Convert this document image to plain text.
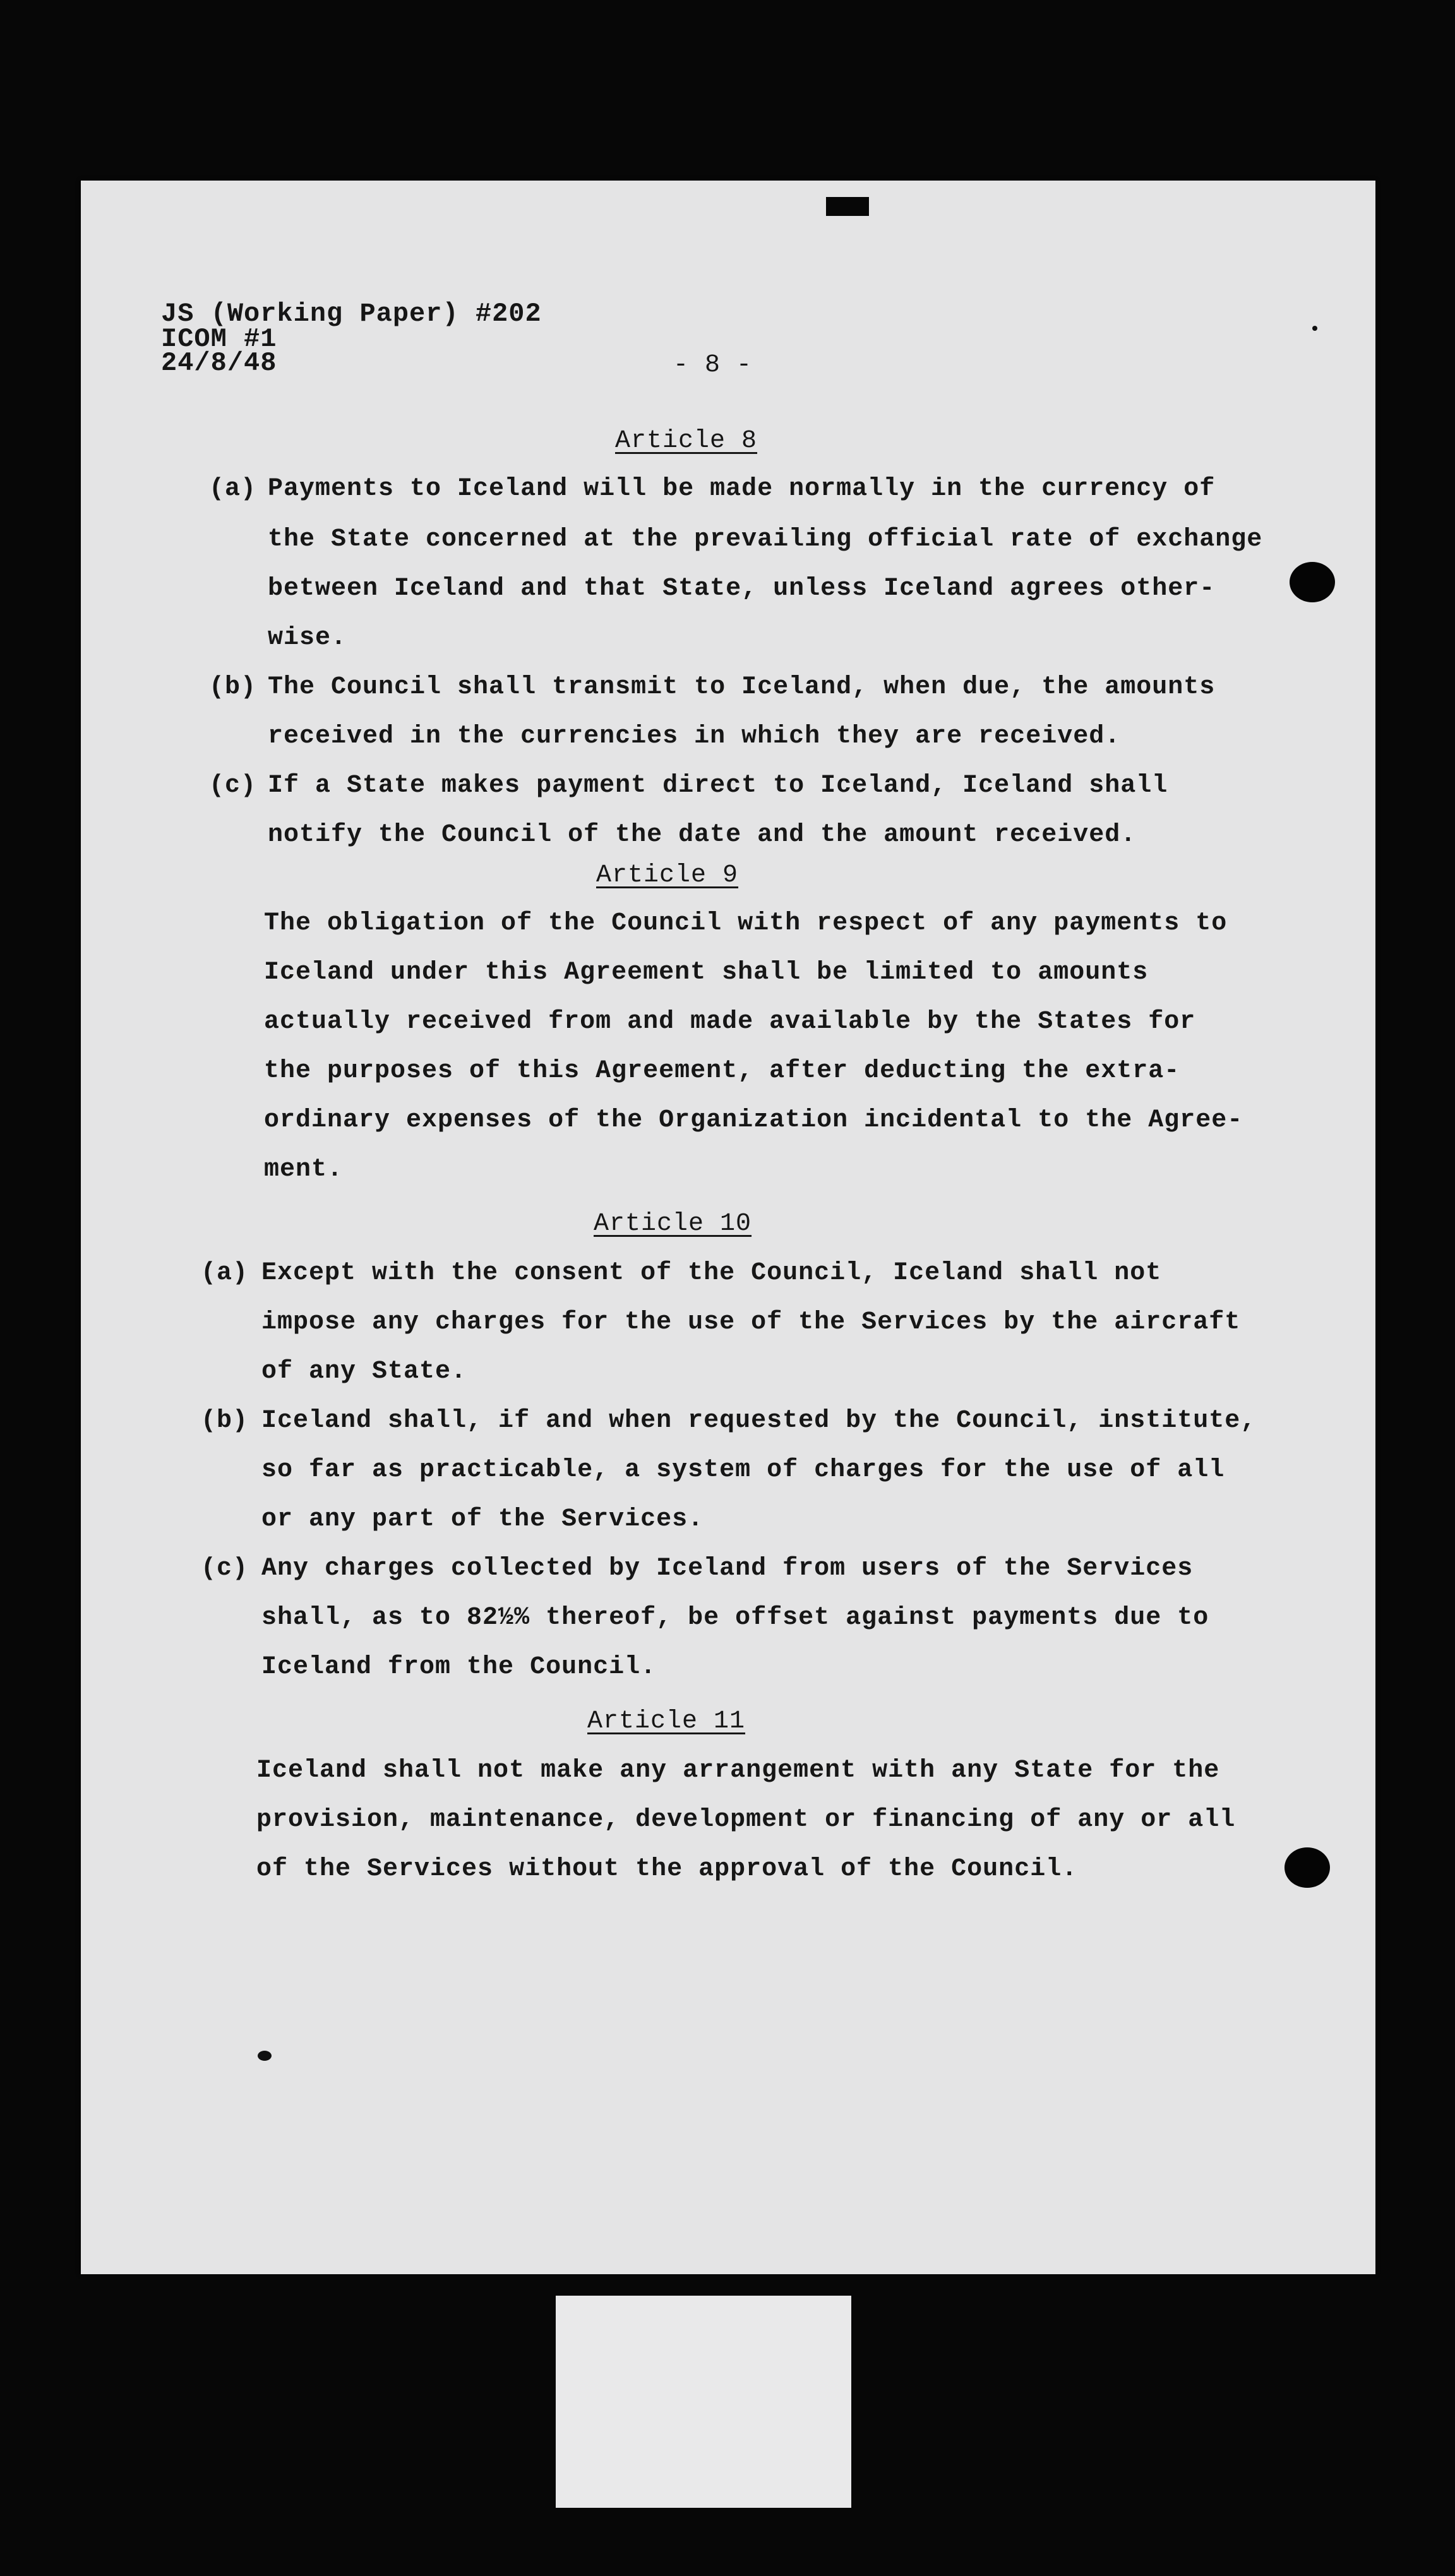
JS (Working Paper) #202
ICOM #1
24/8/48	- 8 -
Article 8
(a) Payments to Iceland will be made normally in the currency of
the State concerned at the prevailing official rate of exchange
between Iceland and that State, unless Iceland agrees other-
wise.
(b) The Council shall transmit to Iceland, when due, the amounts
received in the currencies in which they are received.
(c) If a State makes payment direct to Iceland, Iceland shall
notify the Council of the date and the amount received.
Article 9
The obligation of the Council with respect of any payments to
Iceland under this Agreement shall be limited to amounts
actually received from and made available by the States for
the purposes of this Agreement, after deducting the extra-
ordinary expenses of the Organization incidental to the Agree-
ment.
Article 10
(a) Except with the consent of the Council, Iceland shall not
impose any charges for the use of the Services by the aircraft
of any State.
(b) Iceland shall, if and when requested by the Council, institute,
so far as practicable, a system of charges for the use of all
or any part of the Services.
(c) Any charges collected by Iceland from users of the Services
shall, as to 82½% thereof, be offset against payments due to
Iceland from the Council.
Article 11
Iceland shall not make any arrangement with any State for the
provision, maintenance, development or financing of any or all
of the Services without the approval of the Council.
